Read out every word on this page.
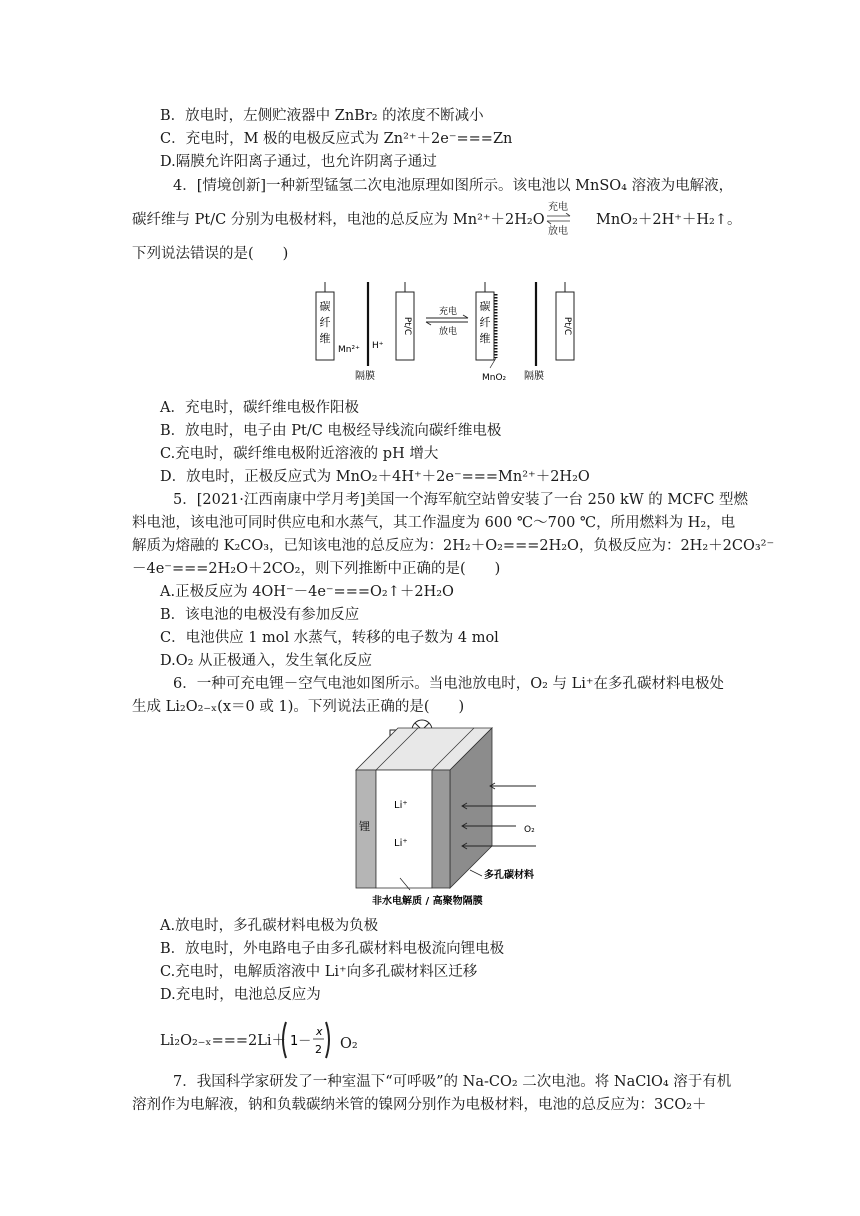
B．放电时，左侧贮液器中 ZnBr₂ 的浓度不断减小
C．充电时，M 极的电极反应式为 Zn²⁺＋2e⁻===Zn
D.隔膜允许阳离子通过，也允许阴离子通过
4．[情境创新]一种新型锰氢二次电池原理如图所示。该电池以 MnSO₄ 溶液为电解液，
碳纤维与 Pt/C 分别为电极材料，电池的总反应为 Mn²⁺＋2H₂O
充电
放电
MnO₂＋2H⁺＋H₂↑。
下列说法错误的是(　　)
碳
纤
维
Mn²⁺ H⁺
隔膜
Pt/C
充电
放电
碳
纤
维
MnO₂ 隔膜
Pt/C
A．充电时，碳纤维电极作阳极
B．放电时，电子由 Pt/C 电极经导线流向碳纤维电极
C.充电时，碳纤维电极附近溶液的 pH 增大
D．放电时，正极反应式为 MnO₂＋4H⁺＋2e⁻===Mn²⁺＋2H₂O
5．[2021·江西南康中学月考]美国一个海军航空站曾安装了一台 250 kW 的 MCFC 型燃
料电池，该电池可同时供应电和水蒸气，其工作温度为 600 ℃～700 ℃，所用燃料为 H₂，电
解质为熔融的 K₂CO₃，已知该电池的总反应为：2H₂＋O₂===2H₂O，负极反应为：2H₂＋2CO₃²⁻
－4e⁻===2H₂O＋2CO₂，则下列推断中正确的是(　　)
A.正极反应为 4OH⁻－4e⁻===O₂↑＋2H₂O
B．该电池的电极没有参加反应
C．电池供应 1 mol 水蒸气，转移的电子数为 4 mol
D.O₂ 从正极通入，发生氧化反应
6．一种可充电锂－空气电池如图所示。当电池放电时，O₂ 与 Li⁺在多孔碳材料电极处
生成 Li₂O₂₋ₓ(x＝0 或 1)。下列说法正确的是(　　)
Li⁺
Li⁺
锂	O₂
多孔碳材料
非水电解质 / 高聚物隔膜
A.放电时，多孔碳材料电极为负极
B．放电时，外电路电子由多孔碳材料电极流向锂电极
C.充电时，电解质溶液中 Li⁺向多孔碳材料区迁移
D.充电时，电池总反应为
Li₂O₂₋ₓ===2Li＋ 1－
x
2 O₂
7．我国科学家研发了一种室温下“可呼吸”的 Na-CO₂ 二次电池。将 NaClO₄ 溶于有机
溶剂作为电解液，钠和负载碳纳米管的镍网分别作为电极材料，电池的总反应为：3CO₂＋
